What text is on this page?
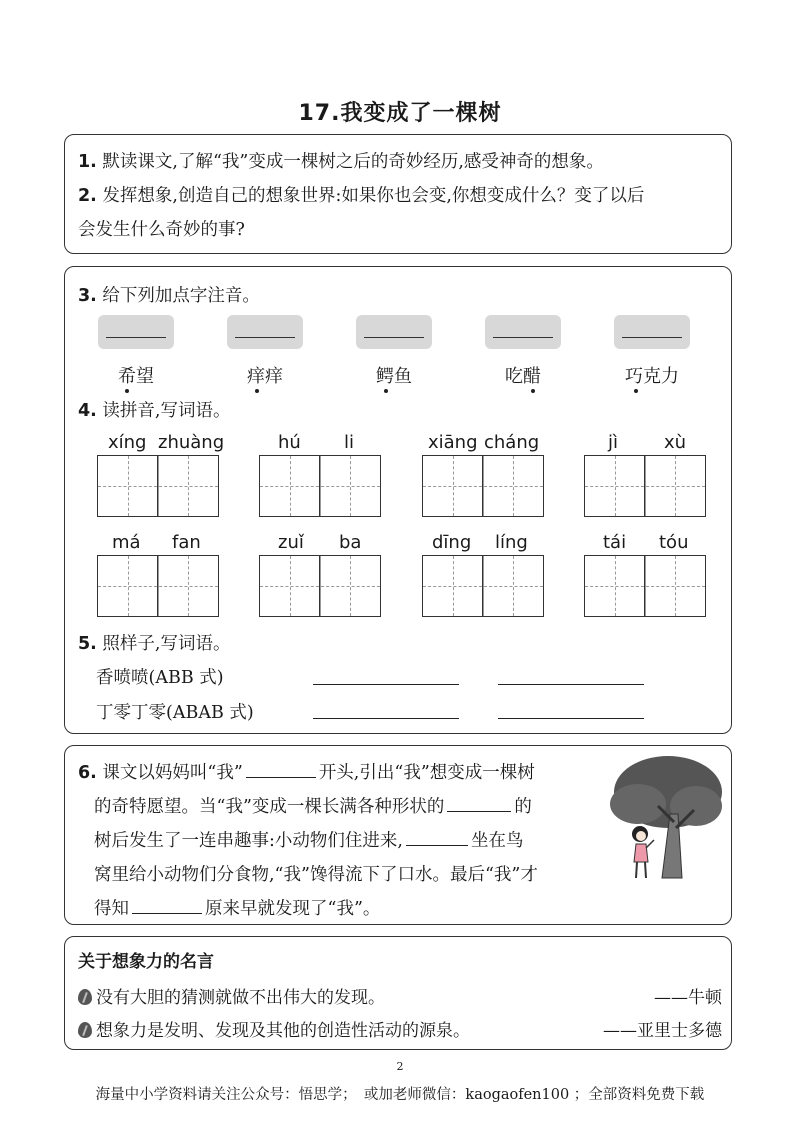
17.我变成了一棵树
1. 默读课文,了解“我”变成一棵树之后的奇妙经历,感受神奇的想象。
2. 发挥想象,创造自己的想象世界:如果你也会变,你想变成什么？变了以后
会发生什么奇妙的事?
3. 给下列加点字注音。
希望	痒痒	鳄鱼	吃醋	巧克力
4. 读拼音,写词语。
xíng zhuàng	hú li	xiāng cháng	jì	xù
má fan	zuǐ ba	dīng líng	tái tóu
5. 照样子,写词语。
香喷喷(ABB 式)
丁零丁零(ABAB 式)
6. 课文以妈妈叫“我”	开头,引出“我”想变成一棵树
的奇特愿望。当“我”变成一棵长满各种形状的	的
树后发生了一连串趣事:小动物们住进来,	坐在鸟
窝里给小动物们分食物,“我”馋得流下了口水。最后“我”才
得知	原来早就发现了“我”。
关于想象力的名言
没有大胆的猜测就做不出伟大的发现。	——牛顿
想象力是发明、发现及其他的创造性活动的源泉。	——亚里士多德
2
海量中小学资料请关注公众号：悟思学；　或加老师微信：kaogaofen100 ；全部资料免费下载
